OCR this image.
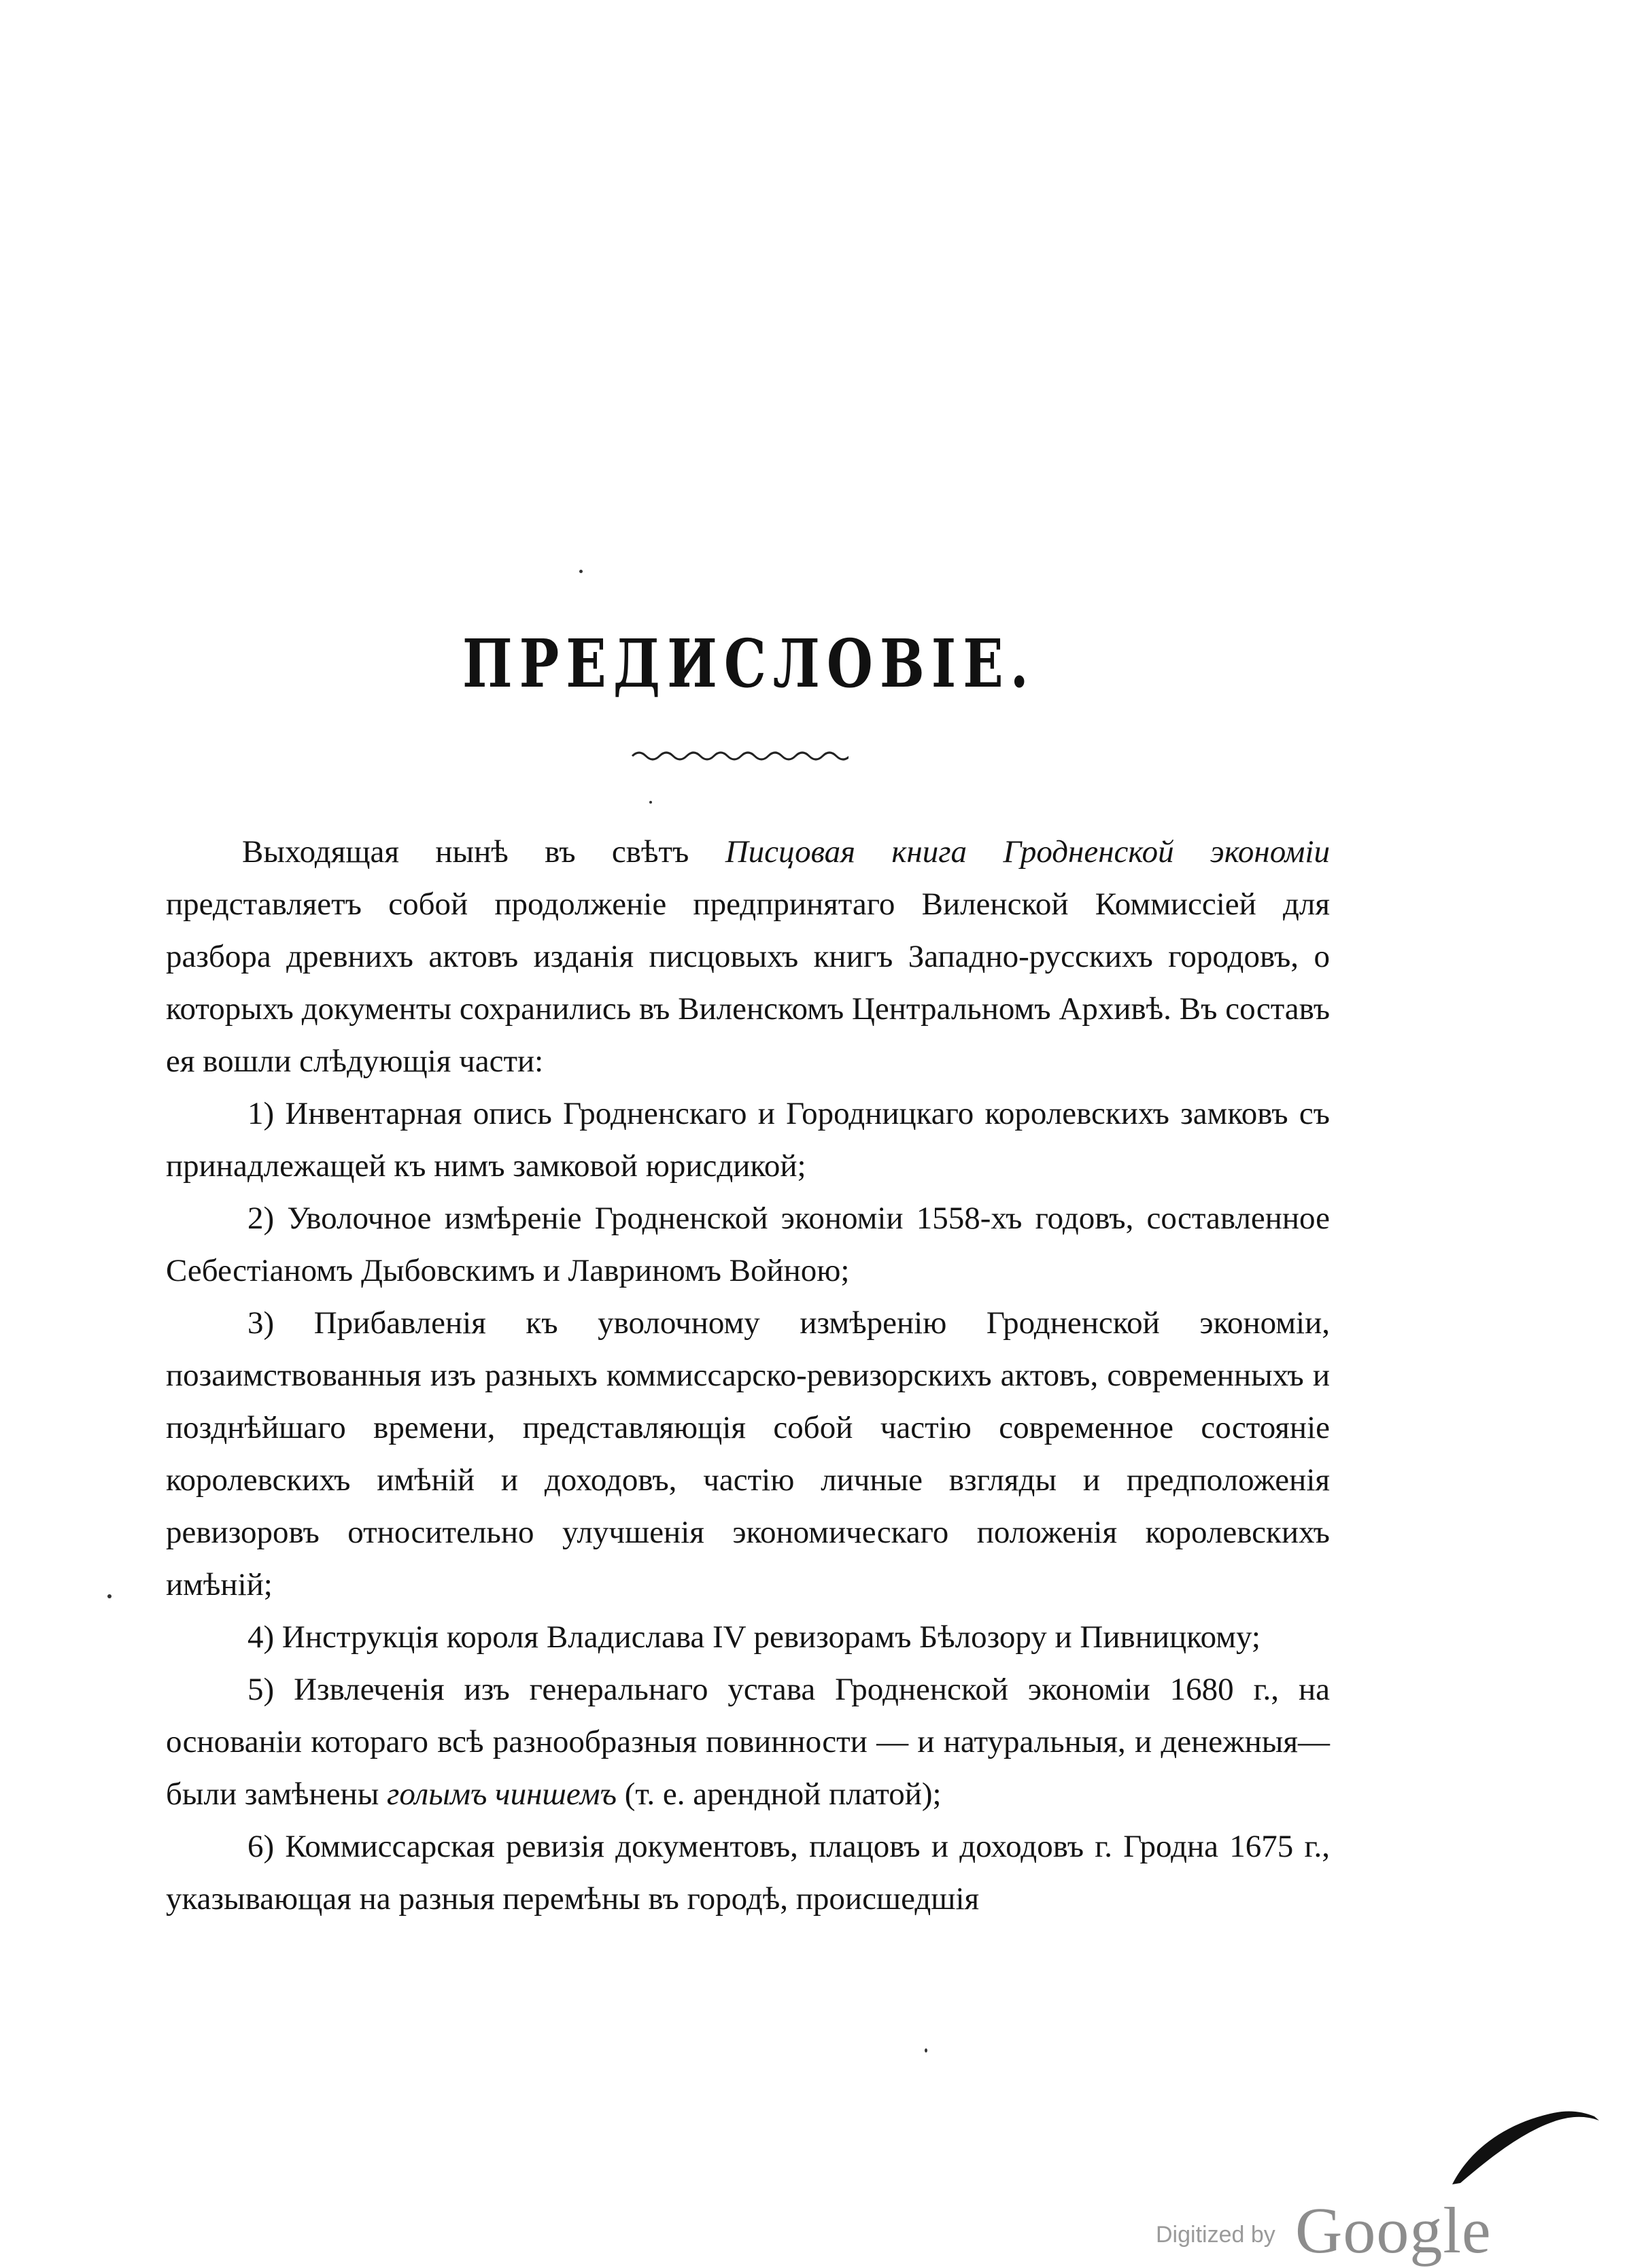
ПРЕДИСЛОВІЕ.

Выходящая нынѣ въ свѣтъ Писцовая книга Гродненской экономіи представляетъ собой продолженіе предпринятаго Виленской Коммиссіей для разбора древнихъ актовъ изданія писцовыхъ книгъ Западно-русскихъ городовъ, о которыхъ документы сохранились въ Виленскомъ Центральномъ Архивѣ. Въ составъ ея вошли слѣдующія части:

1) Инвентарная опись Гродненскаго и Городницкаго королевскихъ замковъ съ принадлежащей къ нимъ замковой юрисдикой;

2) Уволочное измѣреніе Гродненской экономіи 1558-хъ годовъ, составленное Себестіаномъ Дыбовскимъ и Лавриномъ Войною;

3) Прибавленія къ уволочному измѣренію Гродненской экономіи, позаимствованныя изъ разныхъ коммиссарско-ревизорскихъ актовъ, современныхъ и позднѣйшаго времени, представляющія собой частію современное состояніе королевскихъ имѣній и доходовъ, частію личные взгляды и предположенія ревизоровъ относительно улучшенія экономическаго положенія королевскихъ имѣній;

4) Инструкція короля Владислава IV ревизорамъ Бѣлозору и Пивницкому;

5) Извлеченія изъ генеральнаго устава Гродненской экономіи 1680 г., на основаніи котораго всѣ разнообразныя повинности — и натуральныя, и денежныя—были замѣнены голымъ чиншемъ (т. е. арендной платой);

6) Коммиссарская ревизія документовъ, плацовъ и доходовъ г. Гродна 1675 г., указывающая на разныя перемѣны въ городѣ, происшедшія

Digitized by Google
